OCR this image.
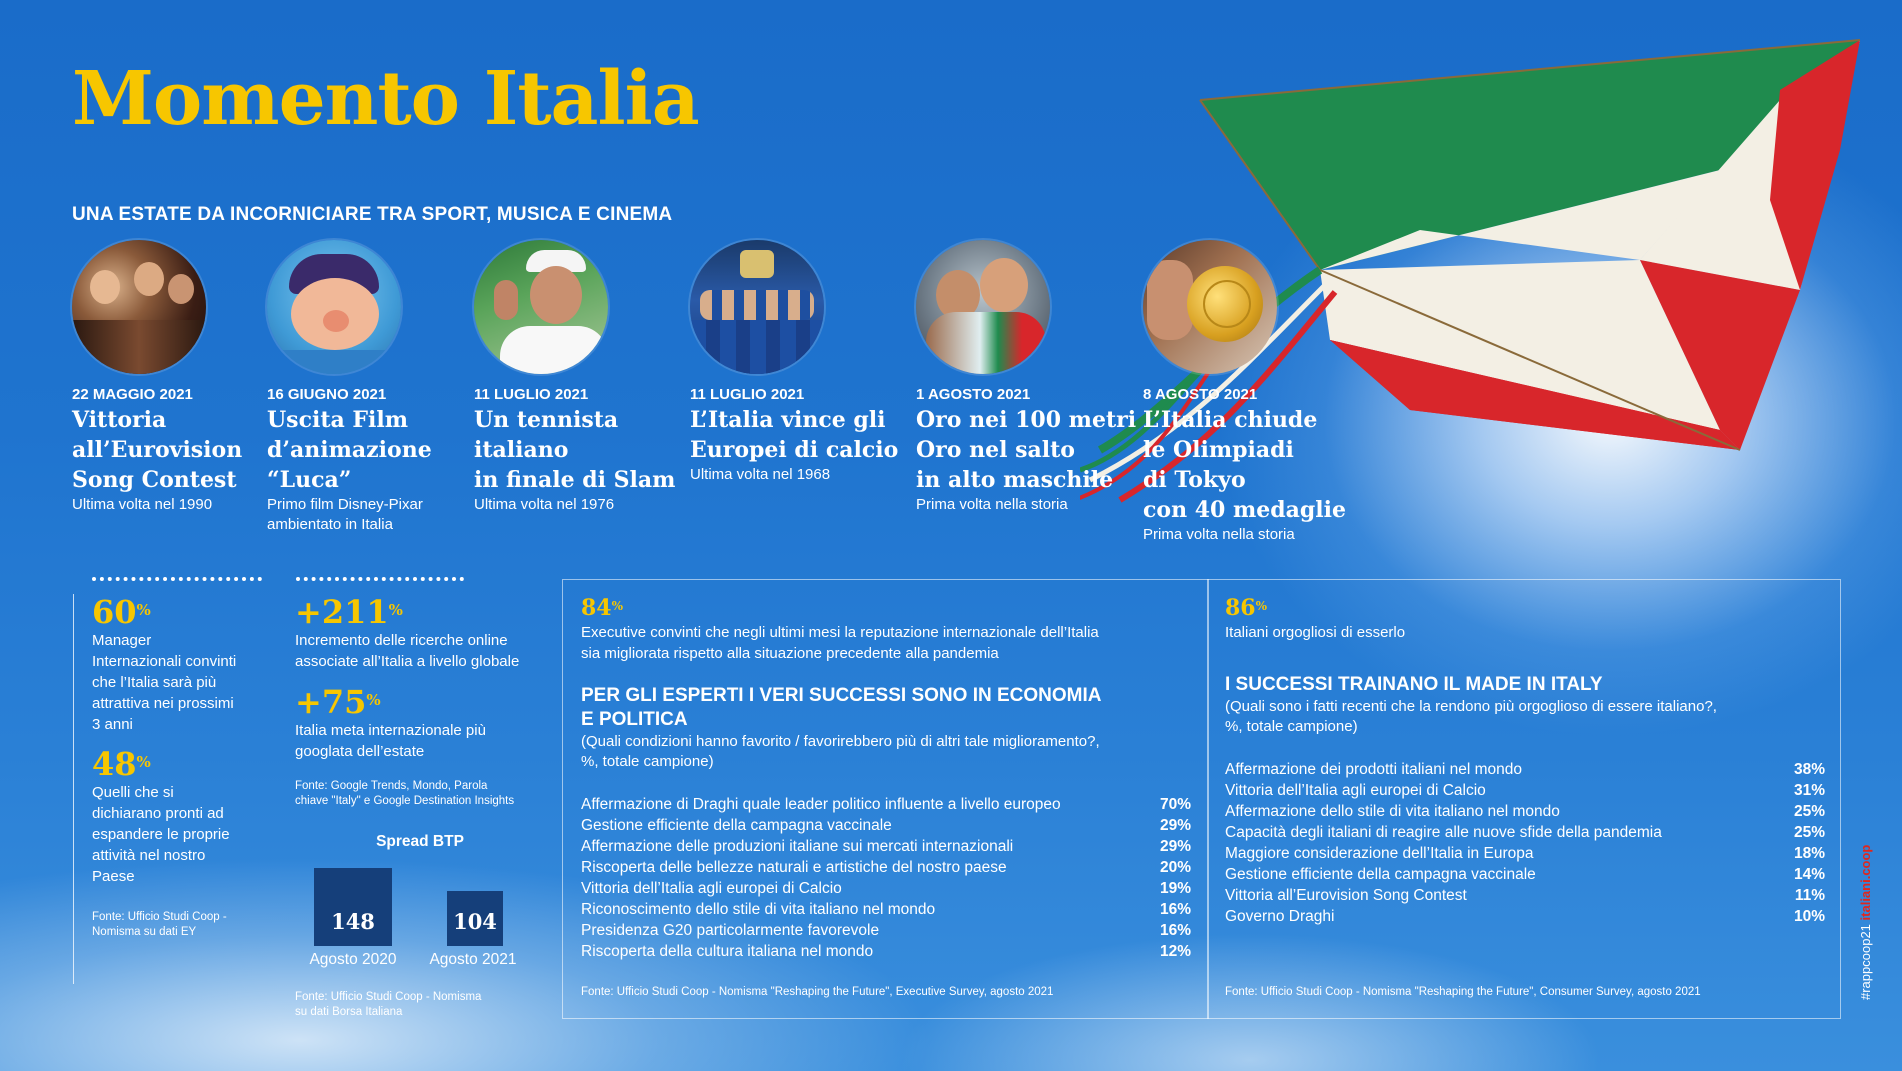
Momento Italia

UNA ESTATE DA INCORNICIARE TRA SPORT, MUSICA E CINEMA

22 MAGGIO 2021
Vittoria
all’Eurovision
Song Contest
Ultima volta nel 1990
16 GIUGNO 2021
Uscita Film
d’animazione
“Luca”
Primo film Disney-Pixar
ambientato in Italia
11 LUGLIO 2021
Un tennista
italiano
in finale di Slam
Ultima volta nel 1976
11 LUGLIO 2021
L’Italia vince gli
Europei di calcio
Ultima volta nel 1968
1 AGOSTO 2021
Oro nei 100 metri
Oro nel salto
in alto maschile
Prima volta nella storia
8 AGOSTO 2021
L’Italia chiude
le Olimpiadi
di Tokyo
con 40 medaglie
Prima volta nella storia
60%
Manager
Internazionali convinti
che l’Italia sarà più
attrattiva nei prossimi
3 anni
48%
Quelli che si
dichiarano pronti ad
espandere le proprie
attività nel nostro
Paese
Fonte: Ufficio Studi Coop -
Nomisma su dati EY
+211%
Incremento delle ricerche online
associate all’Italia a livello globale
+75%
Italia meta internazionale più
googlata dell’estate
Fonte: Google Trends, Mondo, Parola
chiave "Italy" e Google Destination Insights
Spread BTP
148	104
Agosto 2020	Agosto 2021
Fonte: Ufficio Studi Coop - Nomisma
su dati Borsa Italiana
84%
Executive convinti che negli ultimi mesi la reputazione internazionale dell’Italia
sia migliorata rispetto alla situazione precedente alla pandemia
PER GLI ESPERTI I VERI SUCCESSI SONO IN ECONOMIA
E POLITICA
(Quali condizioni hanno favorito / favorirebbero più di altri tale miglioramento?,
%, totale campione)
Affermazione di Draghi quale leader politico influente a livello europeo	70%
Gestione efficiente della campagna vaccinale	29%
Affermazione delle produzioni italiane sui mercati internazionali	29%
Riscoperta delle bellezze naturali e artistiche del nostro paese	20%
Vittoria dell’Italia agli europei di Calcio	19%
Riconoscimento dello stile di vita italiano nel mondo	16%
Presidenza G20 particolarmente favorevole	16%
Riscoperta della cultura italiana nel mondo	12%
Fonte: Ufficio Studi Coop - Nomisma "Reshaping the Future", Executive Survey, agosto 2021
86%
Italiani orgogliosi di esserlo
I SUCCESSI TRAINANO IL MADE IN ITALY
(Quali sono i fatti recenti che la rendono più orgoglioso di essere italiano?,
%, totale campione)
Affermazione dei prodotti italiani nel mondo	38%
Vittoria dell’Italia agli europei di Calcio	31%
Affermazione dello stile di vita italiano nel mondo	25%
Capacità degli italiani di reagire alle nuove sfide della pandemia	25%
Maggiore considerazione dell’Italia in Europa	18%
Gestione efficiente della campagna vaccinale	14%
Vittoria all’Eurovision Song Contest	11%
Governo Draghi	10%
Fonte: Ufficio Studi Coop - Nomisma "Reshaping the Future", Consumer Survey, agosto 2021	#rappcoop21 italiani.coop
